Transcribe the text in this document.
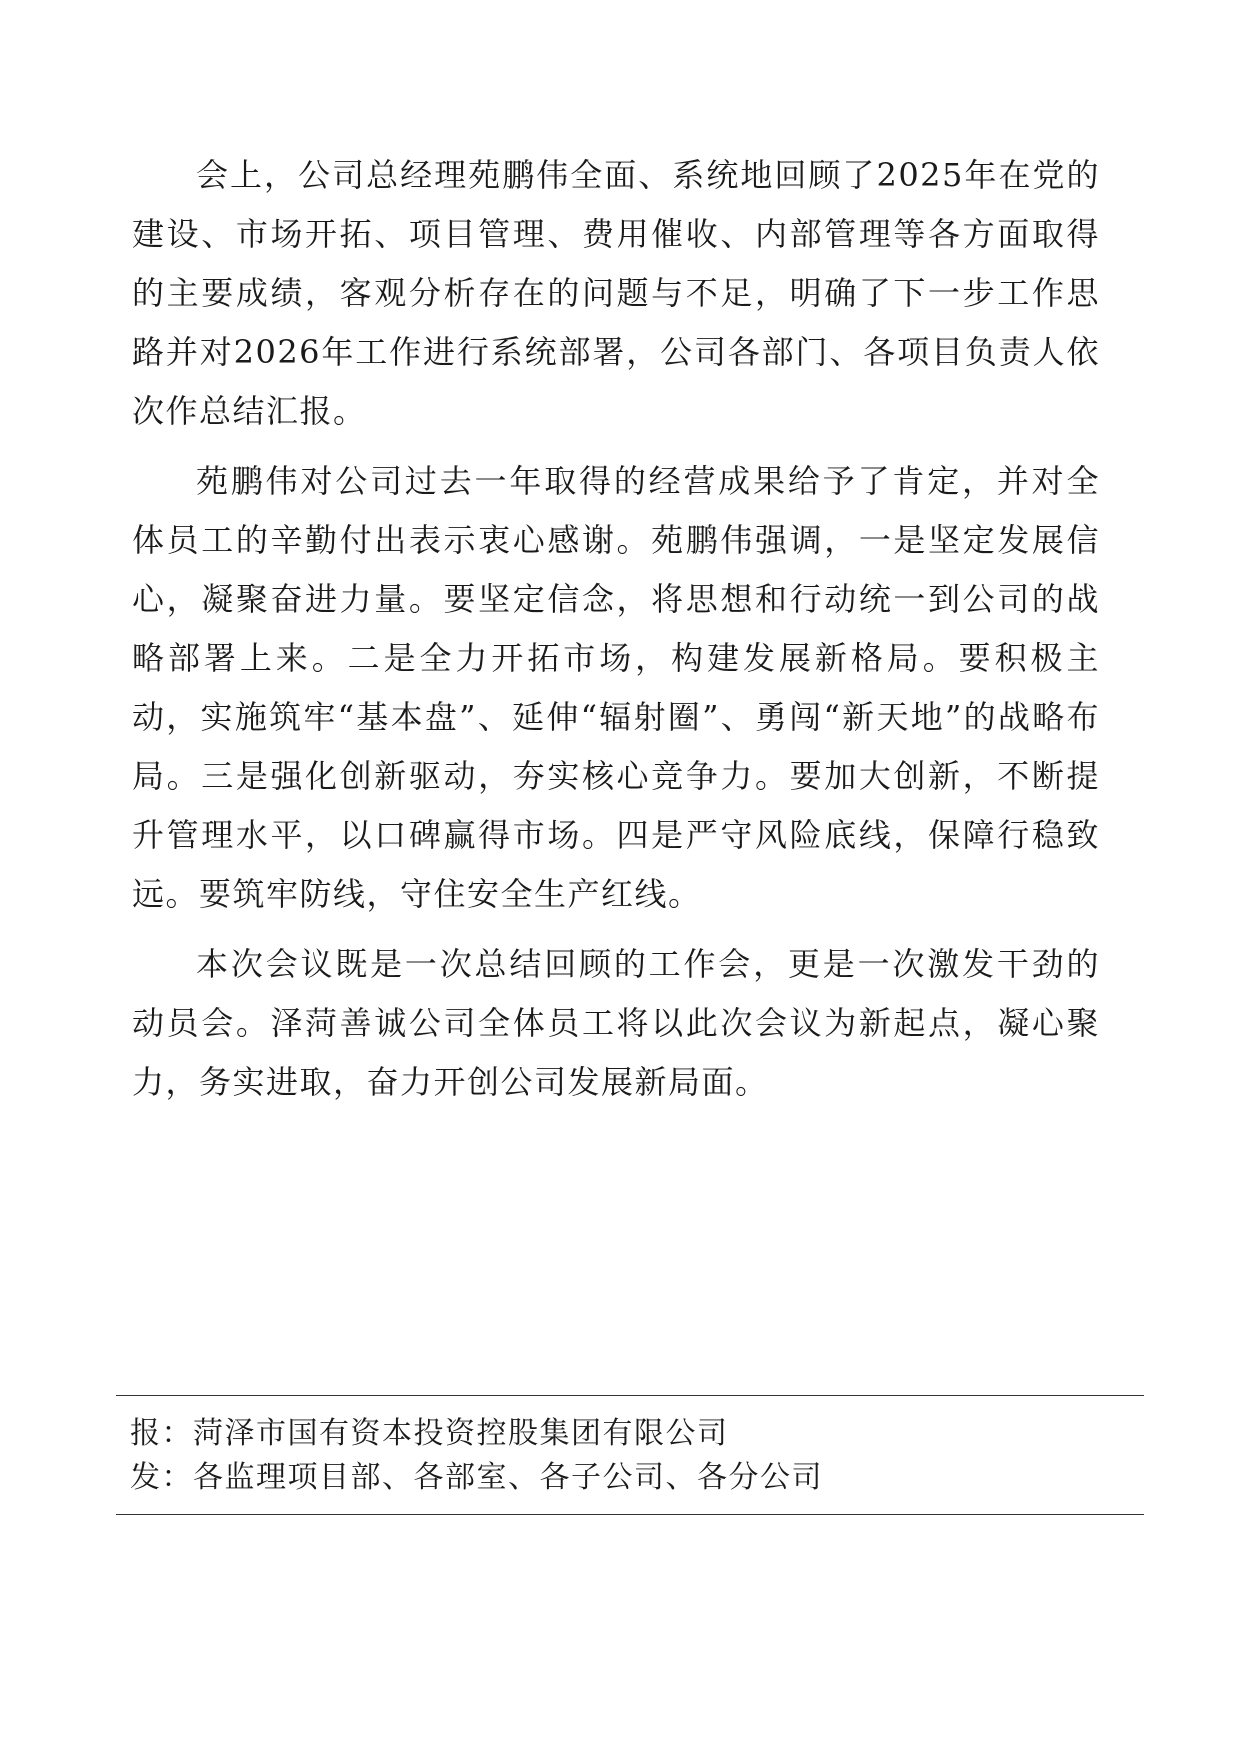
会上，公司总经理苑鹏伟全面、系统地回顾了2025年在党的建设、市场开拓、项目管理、费用催收、内部管理等各方面取得的主要成绩，客观分析存在的问题与不足，明确了下一步工作思路并对2026年工作进行系统部署，公司各部门、各项目负责人依次作总结汇报。

苑鹏伟对公司过去一年取得的经营成果给予了肯定，并对全体员工的辛勤付出表示衷心感谢。苑鹏伟强调，一是坚定发展信心，凝聚奋进力量。要坚定信念，将思想和行动统一到公司的战略部署上来。二是全力开拓市场，构建发展新格局。要积极主动，实施筑牢“基本盘”、延伸“辐射圈”、勇闯“新天地”的战略布局。三是强化创新驱动，夯实核心竞争力。要加大创新，不断提升管理水平，以口碑赢得市场。四是严守风险底线，保障行稳致远。要筑牢防线，守住安全生产红线。

本次会议既是一次总结回顾的工作会，更是一次激发干劲的动员会。泽菏善诚公司全体员工将以此次会议为新起点，凝心聚力，务实进取，奋力开创公司发展新局面。

报：菏泽市国有资本投资控股集团有限公司
发：各监理项目部、各部室、各子公司、各分公司
